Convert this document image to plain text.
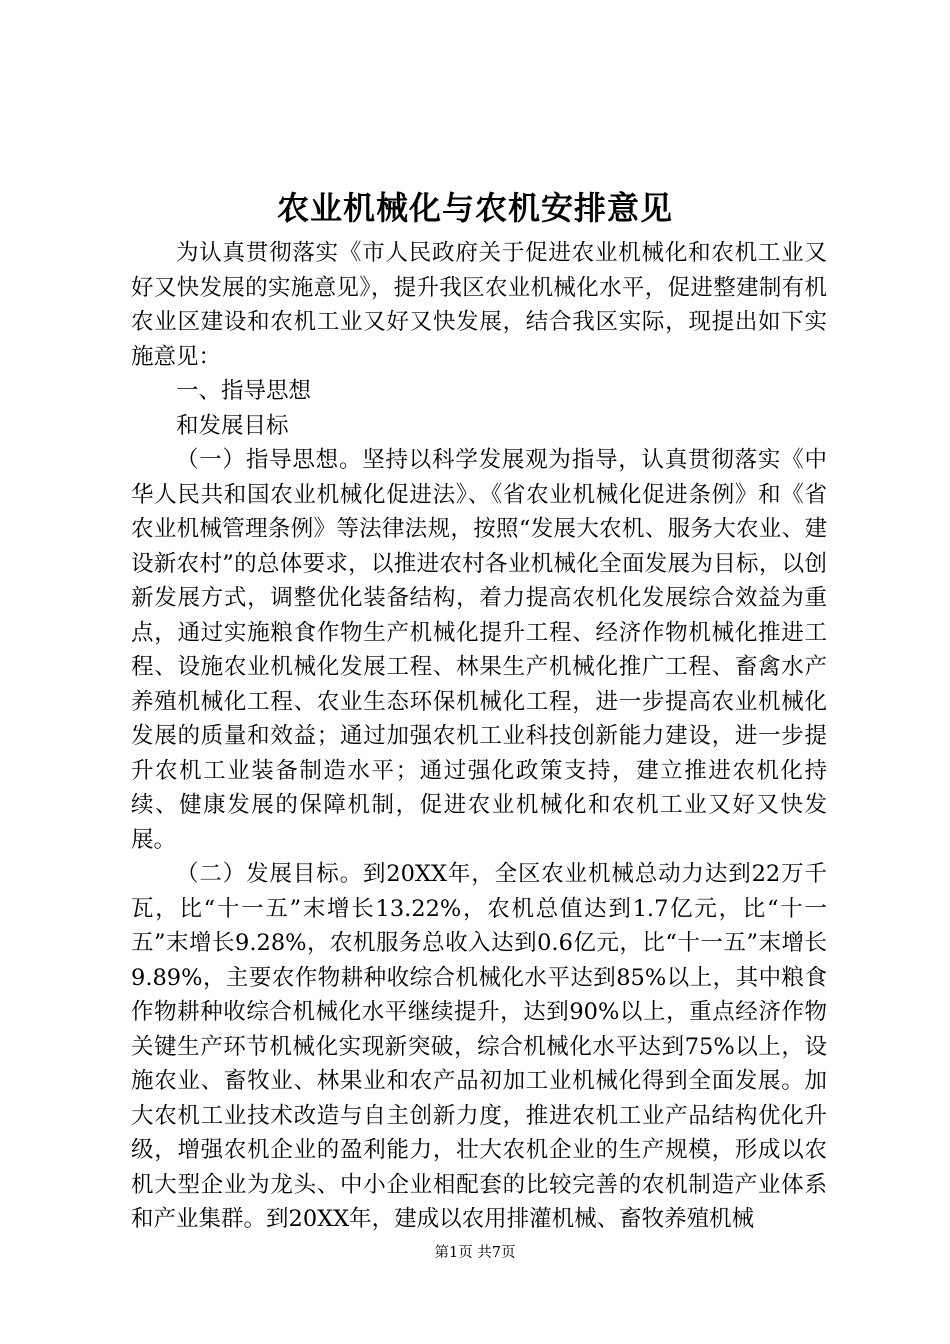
农业机械化与农机安排意见

为认真贯彻落实《市人民政府关于促进农业机械化和农机工业又好又快发展的实施意见》，提升我区农业机械化水平，促进整建制有机农业区建设和农机工业又好又快发展，结合我区实际，现提出如下实施意见：

一、指导思想

和发展目标

（一）指导思想。坚持以科学发展观为指导，认真贯彻落实《中华人民共和国农业机械化促进法》、《省农业机械化促进条例》和《省农业机械管理条例》等法律法规，按照“发展大农机、服务大农业、建设新农村”的总体要求，以推进农村各业机械化全面发展为目标，以创新发展方式，调整优化装备结构，着力提高农机化发展综合效益为重点，通过实施粮食作物生产机械化提升工程、经济作物机械化推进工程、设施农业机械化发展工程、林果生产机械化推广工程、畜禽水产养殖机械化工程、农业生态环保机械化工程，进一步提高农业机械化发展的质量和效益；通过加强农机工业科技创新能力建设，进一步提升农机工业装备制造水平；通过强化政策支持，建立推进农机化持续、健康发展的保障机制，促进农业机械化和农机工业又好又快发展。

（二）发展目标。到20XX年，全区农业机械总动力达到22万千瓦，比“十一五”末增长13.22%，农机总值达到1.7亿元，比“十一五”末增长9.28%，农机服务总收入达到0.6亿元，比“十一五”末增长9.89%，主要农作物耕种收综合机械化水平达到85%以上，其中粮食作物耕种收综合机械化水平继续提升，达到90%以上，重点经济作物关键生产环节机械化实现新突破，综合机械化水平达到75%以上，设施农业、畜牧业、林果业和农产品初加工业机械化得到全面发展。加大农机工业技术改造与自主创新力度，推进农机工业产品结构优化升级，增强农机企业的盈利能力，壮大农机企业的生产规模，形成以农机大型企业为龙头、中小企业相配套的比较完善的农机制造产业体系和产业集群。到20XX年，建成以农用排灌机械、畜牧养殖机械

第1页 共7页
